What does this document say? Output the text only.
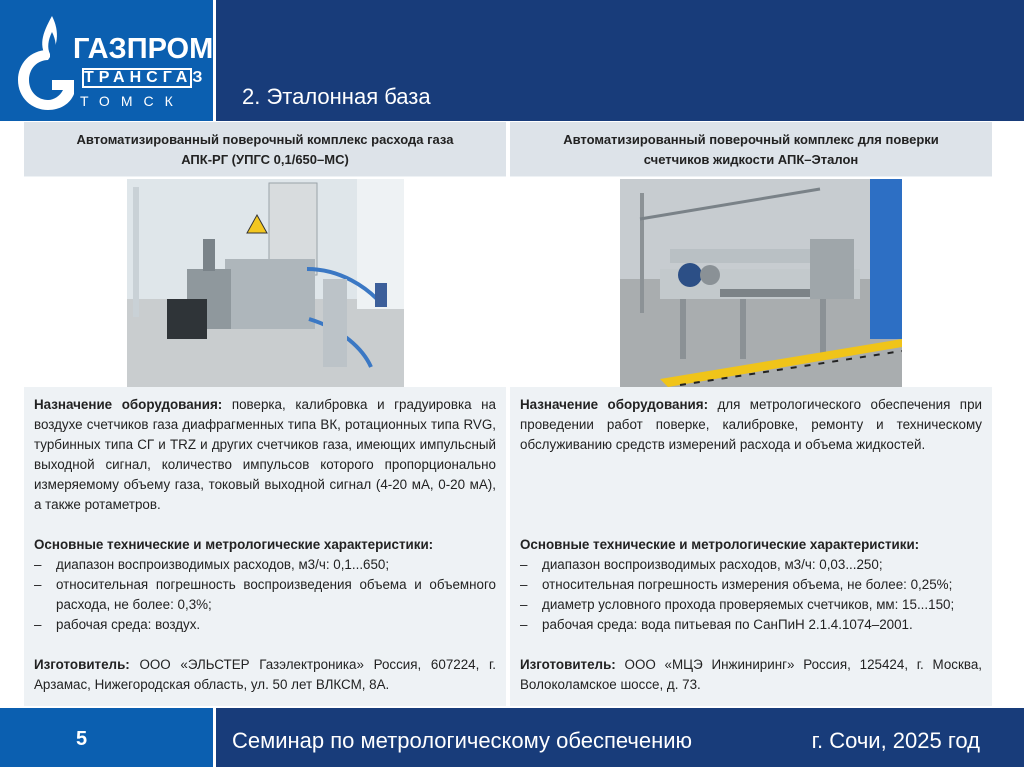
ГАЗПРОМ
ТРАНСГАЗ
ТОМСК	2. Эталонная база
Автоматизированный поверочный комплекс расхода газа
АПК-РГ (УПГС 0,1/650–МС)

Назначение оборудования: поверка, калибровка и градуировка на воздухе счетчиков газа диафрагменных типа ВК, ротационных типа RVG, турбинных типа СГ и TRZ и других счетчиков газа, имеющих импульсный выходной сигнал, количество импульсов которого пропорционально измеряемому объему газа, токовый выходной сигнал (4-20 мА, 0-20 мА), а также ротаметров.

Основные технические и метрологические характеристики:

– диапазон воспроизводимых расходов, м3/ч: 0,1...650;
– относительная погрешность воспроизведения объема и объемного расхода, не более: 0,3%;
– рабочая среда: воздух.

Изготовитель: ООО «ЭЛЬСТЕР Газэлектроника» Россия, 607224, г. Арзамас, Нижегородская область, ул. 50 лет ВЛКСМ, 8А.

Автоматизированный поверочный комплекс для поверки
счетчиков жидкости АПК–Эталон

Назначение оборудования: для метрологического обеспечения при проведении работ поверке, калибровке, ремонту и техническому обслуживанию средств измерений расхода и объема жидкостей.

Основные технические и метрологические характеристики:

– диапазон воспроизводимых расходов, м3/ч: 0,03...250;
– относительная погрешность измерения объема, не более: 0,25%;
– диаметр условного прохода проверяемых счетчиков, мм: 15...150;
– рабочая среда: вода питьевая по СанПиН 2.1.4.1074–2001.

Изготовитель: ООО «МЦЭ Инжиниринг» Россия, 125424, г. Москва, Волоколамское шоссе, д. 73.

5	Семинар по метрологическому обеспечению	г. Сочи, 2025 год
